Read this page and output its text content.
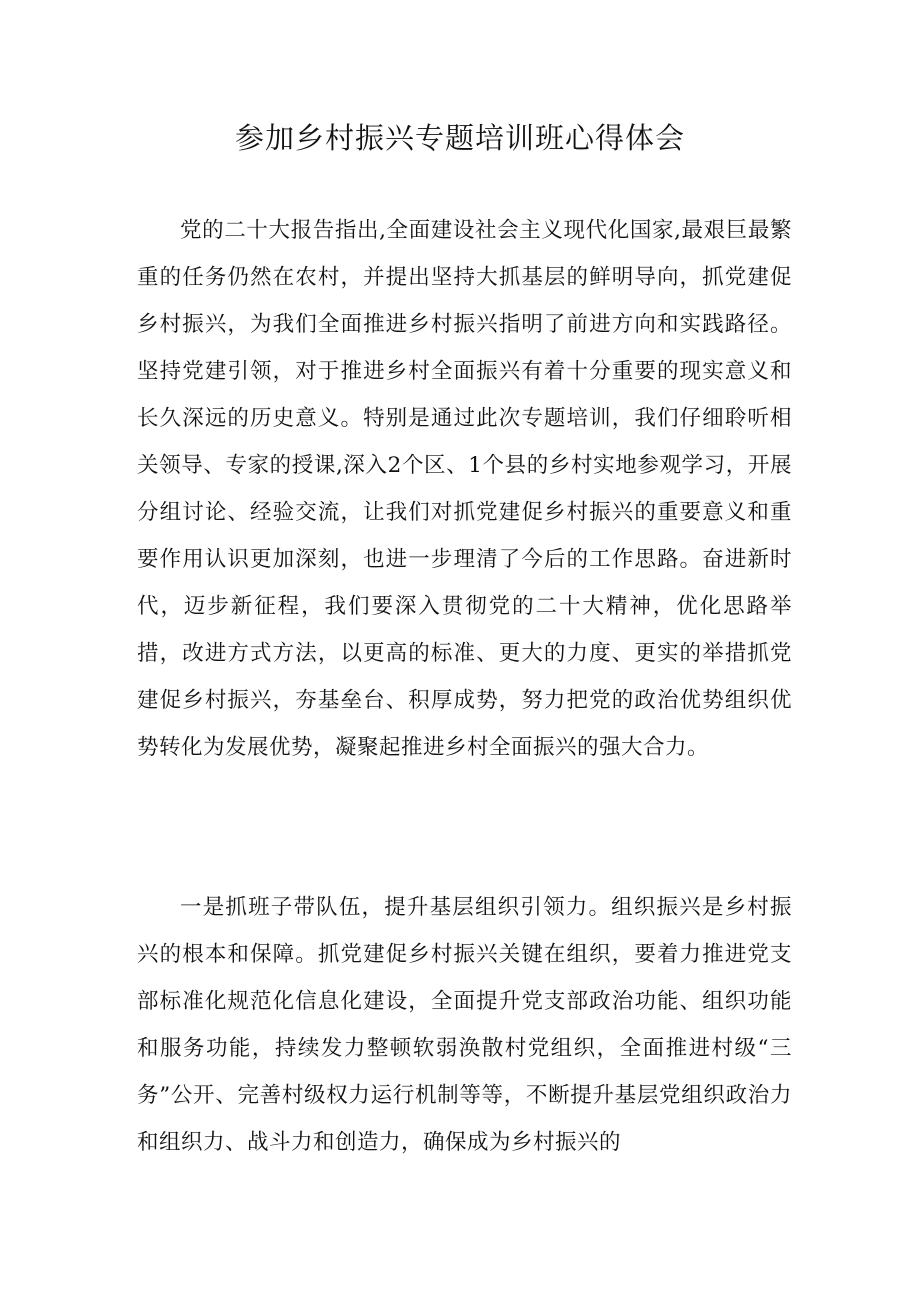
参加乡村振兴专题培训班心得体会

党的二十大报告指出,全面建设社会主义现代化国家,最艰巨最繁重的任务仍然在农村，并提出坚持大抓基层的鲜明导向，抓党建促乡村振兴，为我们全面推进乡村振兴指明了前进方向和实践路径。坚持党建引领，对于推进乡村全面振兴有着十分重要的现实意义和长久深远的历史意义。特别是通过此次专题培训，我们仔细聆听相关领导、专家的授课,深入2个区、1个县的乡村实地参观学习，开展分组讨论、经验交流，让我们对抓党建促乡村振兴的重要意义和重要作用认识更加深刻，也进一步理清了今后的工作思路。奋进新时代，迈步新征程，我们要深入贯彻党的二十大精神，优化思路举措，改进方式方法，以更高的标准、更大的力度、更实的举措抓党建促乡村振兴，夯基垒台、积厚成势，努力把党的政治优势组织优势转化为发展优势，凝聚起推进乡村全面振兴的强大合力。

一是抓班子带队伍，提升基层组织引领力。组织振兴是乡村振兴的根本和保障。抓党建促乡村振兴关键在组织，要着力推进党支部标准化规范化信息化建设，全面提升党支部政治功能、组织功能和服务功能，持续发力整顿软弱涣散村党组织，全面推进村级“三务”公开、完善村级权力运行机制等等，不断提升基层党组织政治力和组织力、战斗力和创造力，确保成为乡村振兴的
